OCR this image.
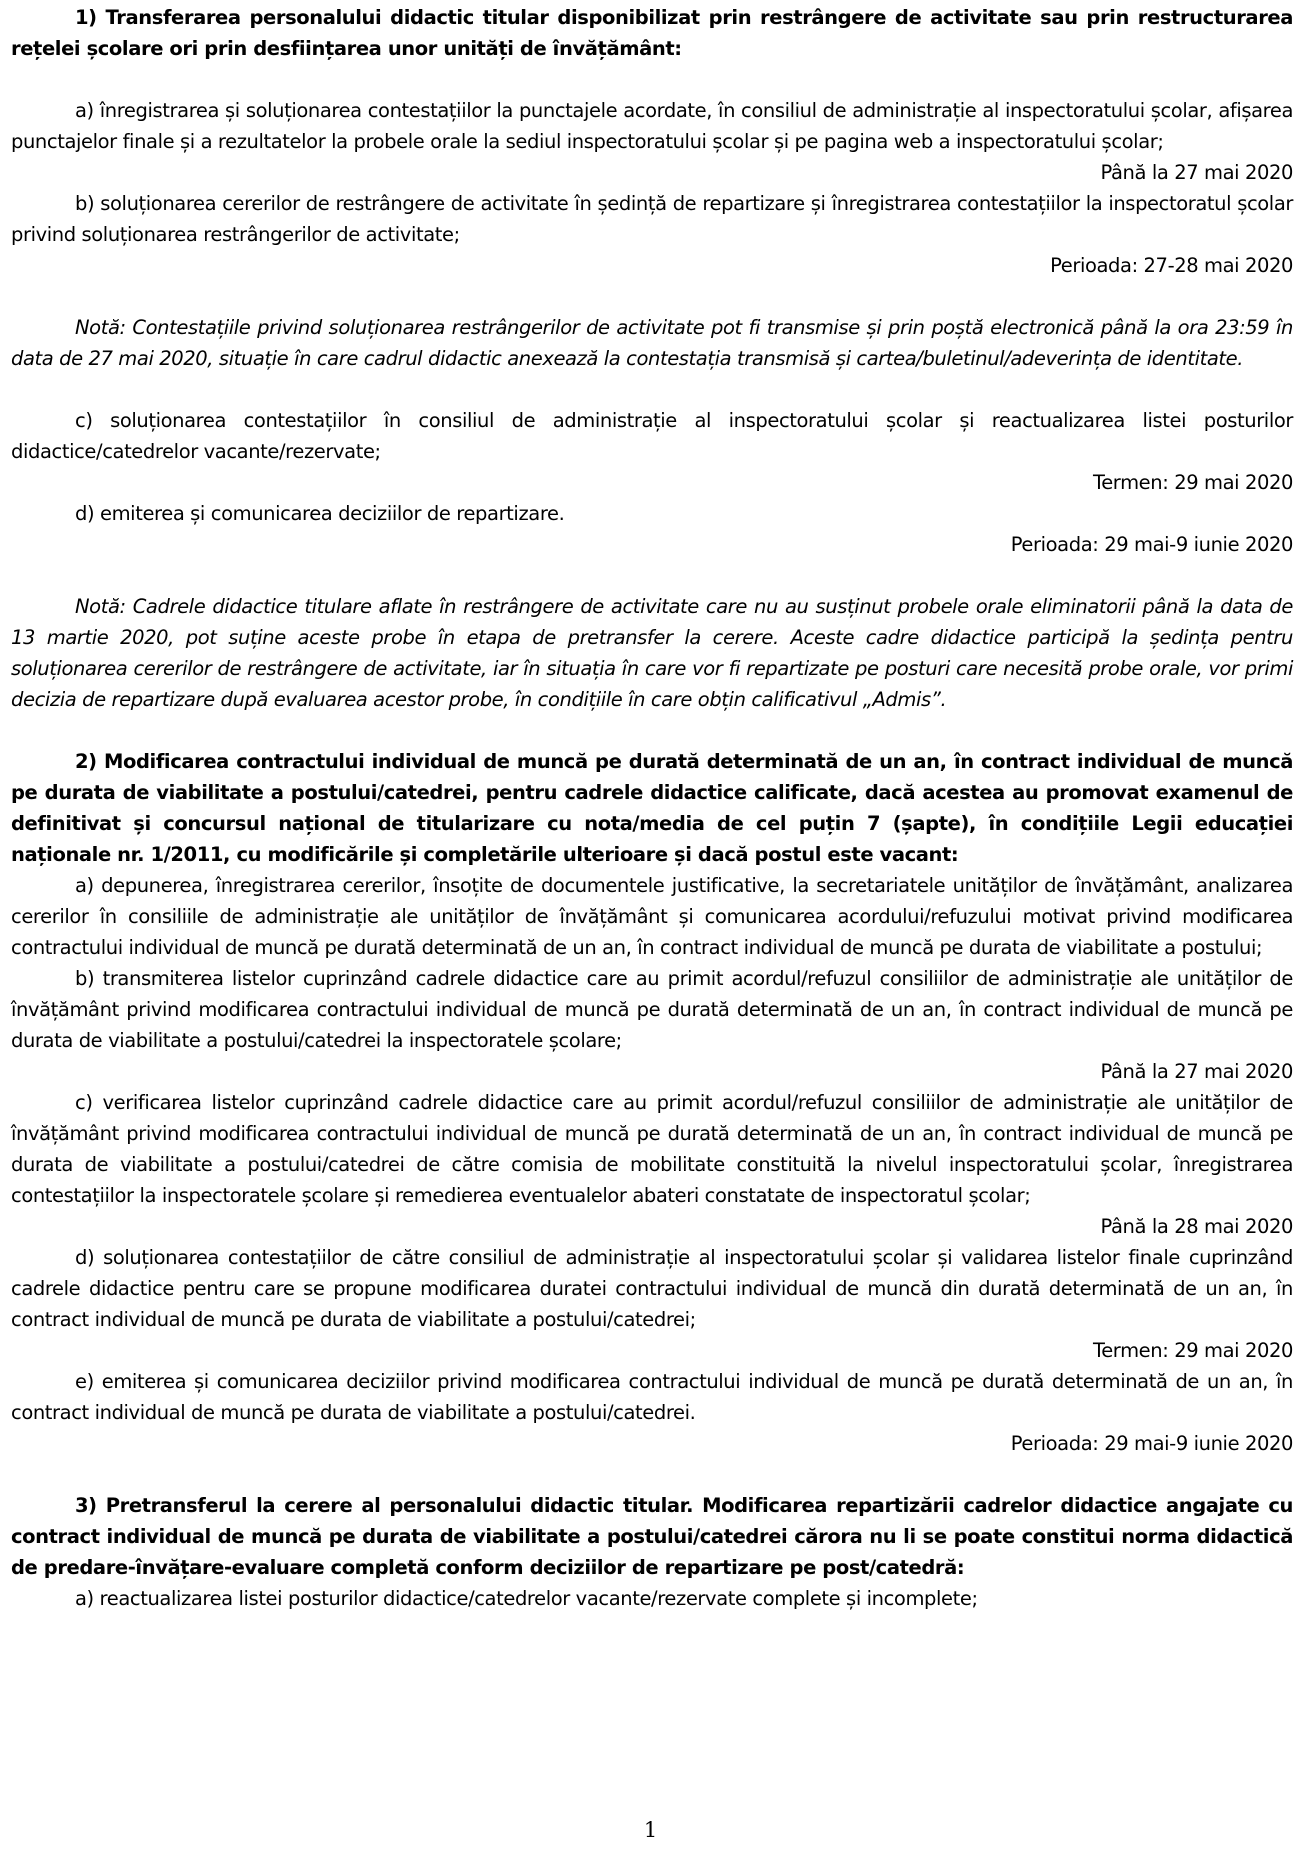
1) Transferarea personalului didactic titular disponibilizat prin restrângere de activitate sau prin restructurarea rețelei școlare ori prin desființarea unor unități de învățământ:

a) înregistrarea și soluționarea contestațiilor la punctajele acordate, în consiliul de administrație al inspectoratului școlar, afișarea punctajelor finale și a rezultatelor la probele orale la sediul inspectoratului școlar și pe pagina web a inspectoratului școlar;

Până la 27 mai 2020

b) soluționarea cererilor de restrângere de activitate în ședință de repartizare și înregistrarea contestațiilor la inspectoratul școlar privind soluționarea restrângerilor de activitate;

Perioada: 27-28 mai 2020

Notă: Contestațiile privind soluționarea restrângerilor de activitate pot fi transmise și prin poștă electronică până la ora 23:59 în data de 27 mai 2020, situație în care cadrul didactic anexează la contestația transmisă și cartea/buletinul/adeverința de identitate.

c) soluționarea contestațiilor în consiliul de administrație al inspectoratului școlar și reactualizarea listei posturilor didactice/catedrelor vacante/rezervate;

Termen: 29 mai 2020

d) emiterea și comunicarea deciziilor de repartizare.

Perioada: 29 mai-9 iunie 2020

Notă: Cadrele didactice titulare aflate în restrângere de activitate care nu au susținut probele orale eliminatorii până la data de 13 martie 2020, pot suține aceste probe în etapa de pretransfer la cerere. Aceste cadre didactice participă la ședința pentru soluționarea cererilor de restrângere de activitate, iar în situația în care vor fi repartizate pe posturi care necesită probe orale, vor primi decizia de repartizare după evaluarea acestor probe, în condițiile în care obțin calificativul „Admis”.

2) Modificarea contractului individual de muncă pe durată determinată de un an, în contract individual de muncă pe durata de viabilitate a postului/catedrei, pentru cadrele didactice calificate, dacă acestea au promovat examenul de definitivat și concursul național de titularizare cu nota/media de cel puțin 7 (șapte), în condițiile Legii educației naționale nr. 1/2011, cu modificările și completările ulterioare și dacă postul este vacant:

a) depunerea, înregistrarea cererilor, însoțite de documentele justificative, la secretariatele unităților de învățământ, analizarea cererilor în consiliile de administrație ale unităților de învățământ și comunicarea acordului/refuzului motivat privind modificarea contractului individual de muncă pe durată determinată de un an, în contract individual de muncă pe durata de viabilitate a postului;

b) transmiterea listelor cuprinzând cadrele didactice care au primit acordul/refuzul consiliilor de administrație ale unităților de învățământ privind modificarea contractului individual de muncă pe durată determinată de un an, în contract individual de muncă pe durata de viabilitate a postului/catedrei la inspectoratele școlare;

Până la 27 mai 2020

c) verificarea listelor cuprinzând cadrele didactice care au primit acordul/refuzul consiliilor de administrație ale unităților de învățământ privind modificarea contractului individual de muncă pe durată determinată de un an, în contract individual de muncă pe durata de viabilitate a postului/catedrei de către comisia de mobilitate constituită la nivelul inspectoratului școlar, înregistrarea contestațiilor la inspectoratele școlare și remedierea eventualelor abateri constatate de inspectoratul școlar;

Până la 28 mai 2020

d) soluționarea contestațiilor de către consiliul de administrație al inspectoratului școlar și validarea listelor finale cuprinzând cadrele didactice pentru care se propune modificarea duratei contractului individual de muncă din durată determinată de un an, în contract individual de muncă pe durata de viabilitate a postului/catedrei;

Termen: 29 mai 2020

e) emiterea și comunicarea deciziilor privind modificarea contractului individual de muncă pe durată determinată de un an, în contract individual de muncă pe durata de viabilitate a postului/catedrei.

Perioada: 29 mai-9 iunie 2020

3) Pretransferul la cerere al personalului didactic titular. Modificarea repartizării cadrelor didactice angajate cu contract individual de muncă pe durata de viabilitate a postului/catedrei cărora nu li se poate constitui norma didactică de predare-învățare-evaluare completă conform deciziilor de repartizare pe post/catedră:

a) reactualizarea listei posturilor didactice/catedrelor vacante/rezervate complete și incomplete;

1
